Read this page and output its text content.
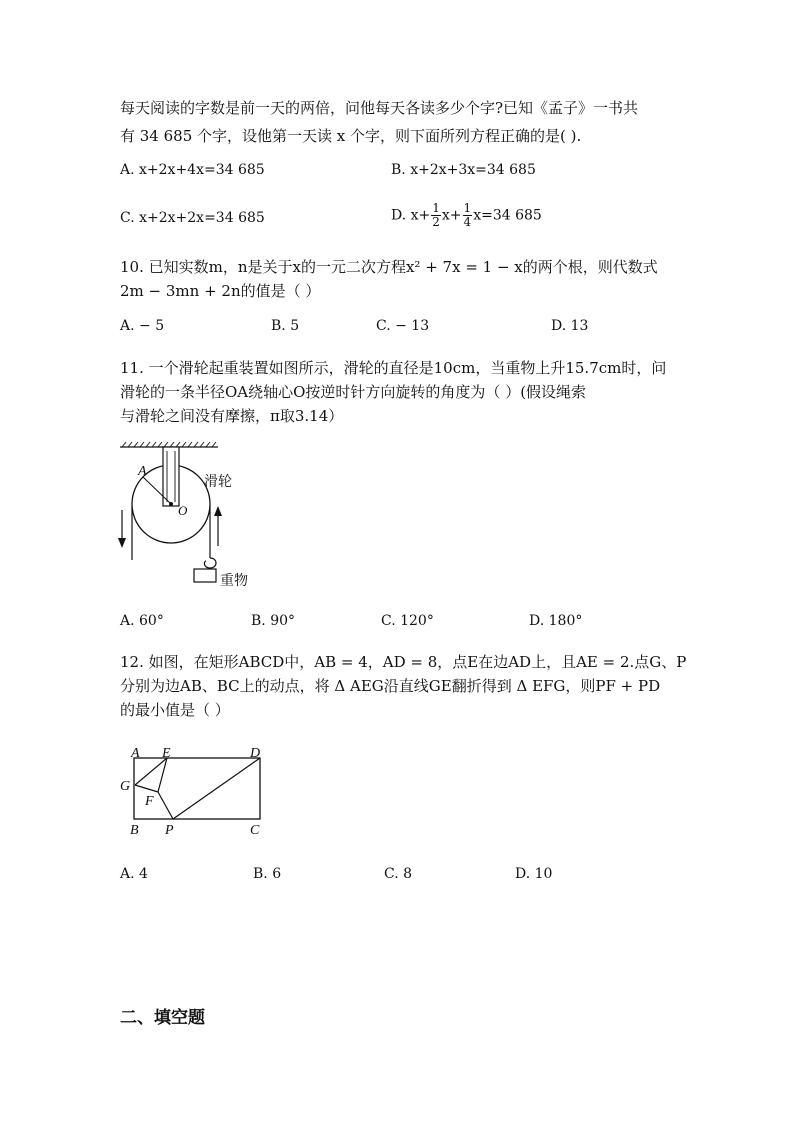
每天阅读的字数是前一天的两倍，问他每天各读多少个字?已知《孟子》一书共
有 34 685 个字，设他第一天读 x 个字，则下面所列方程正确的是( ).
A. x+2x+4x=34 685	B. x+2x+3x=34 685
C. x+2x+2x=34 685	D. $x+ \frac{1}{2} x+ \frac{1}{4} x=34$ 685
10. 已知实数m，n是关于x的一元二次方程x² + 7x = 1 − x的两个根，则代数式
2m − 3mn + 2n的值是（ ）
A. − 5	B. 5	C. − 13	D. 13
11. 一个滑轮起重装置如图所示，滑轮的直径是10cm，当重物上升15.7cm时，问
滑轮的一条半径OA绕轴心O按逆时针方向旋转的角度为（ ）(假设绳索
与滑轮之间没有摩擦，π取3.14）
A
O
滑轮
重物
A. 60°	B. 90°	C. 120°	D. 180°
12. 如图，在矩形ABCD中，AB = 4，AD = 8，点E在边AD上，且AE = 2.点G、P
分别为边AB、BC上的动点，将 Δ AEG沿直线GE翻折得到 Δ EFG，则PF + PD
的最小值是（ ）
A E	D
G
F
B P	C
A. 4	B. 6	C. 8	D. 10
二、填空题
